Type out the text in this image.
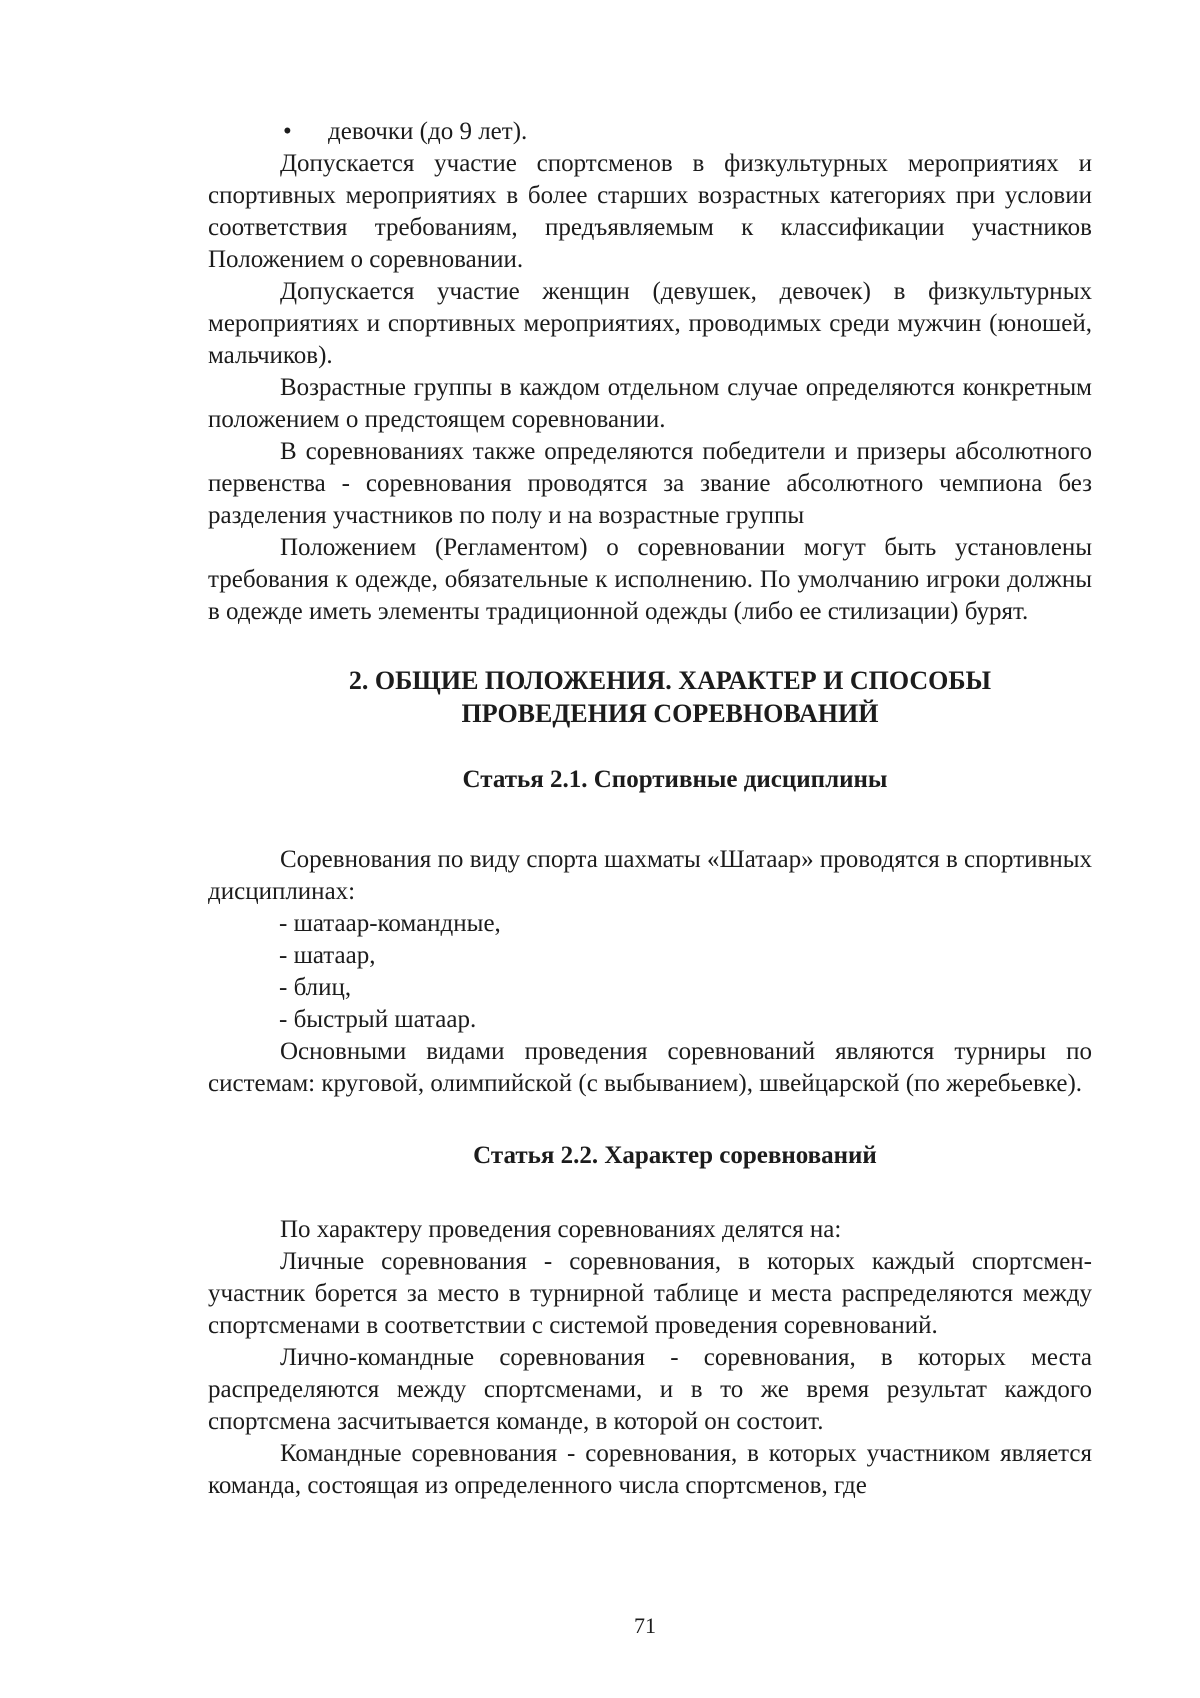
• девочки (до 9 лет).

Допускается участие спортсменов в физкультурных мероприятиях и спортивных мероприятиях в более старших возрастных категориях при условии соответствия требованиям, предъявляемым к классификации участников Положением о соревновании.

Допускается участие женщин (девушек, девочек) в физкультурных мероприятиях и спортивных мероприятиях, проводимых среди мужчин (юношей, мальчиков).

Возрастные группы в каждом отдельном случае определяются конкретным положением о предстоящем соревновании.

В соревнованиях также определяются победители и призеры абсолютного первенства - соревнования проводятся за звание абсолютного чемпиона без разделения участников по полу и на возрастные группы

Положением (Регламентом) о соревновании могут быть установлены требования к одежде, обязательные к исполнению. По умолчанию игроки должны в одежде иметь элементы традиционной одежды (либо ее стилизации) бурят.

2. ОБЩИЕ ПОЛОЖЕНИЯ. ХАРАКТЕР И СПОСОБЫ
ПРОВЕДЕНИЯ СОРЕВНОВАНИЙ
Статья 2.1. Спортивные дисциплины

Соревнования по виду спорта шахматы «Шатаар» проводятся в спортивных дисциплинах:

- шатаар-командные,

- шатаар,

- блиц,

- быстрый шатаар.

Основными видами проведения соревнований являются турниры по системам: круговой, олимпийской (с выбыванием), швейцарской (по жеребьевке).

Статья 2.2. Характер соревнований

По характеру проведения соревнованиях делятся на:

Личные соревнования - соревнования, в которых каждый спортсмен-участник борется за место в турнирной таблице и места распределяются между спортсменами в соответствии с системой проведения соревнований.

Лично-командные соревнования - соревнования, в которых места распределяются между спортсменами, и в то же время результат каждого спортсмена засчитывается команде, в которой он состоит.

Командные соревнования - соревнования, в которых участником является команда, состоящая из определенного числа спортсменов, где

71
